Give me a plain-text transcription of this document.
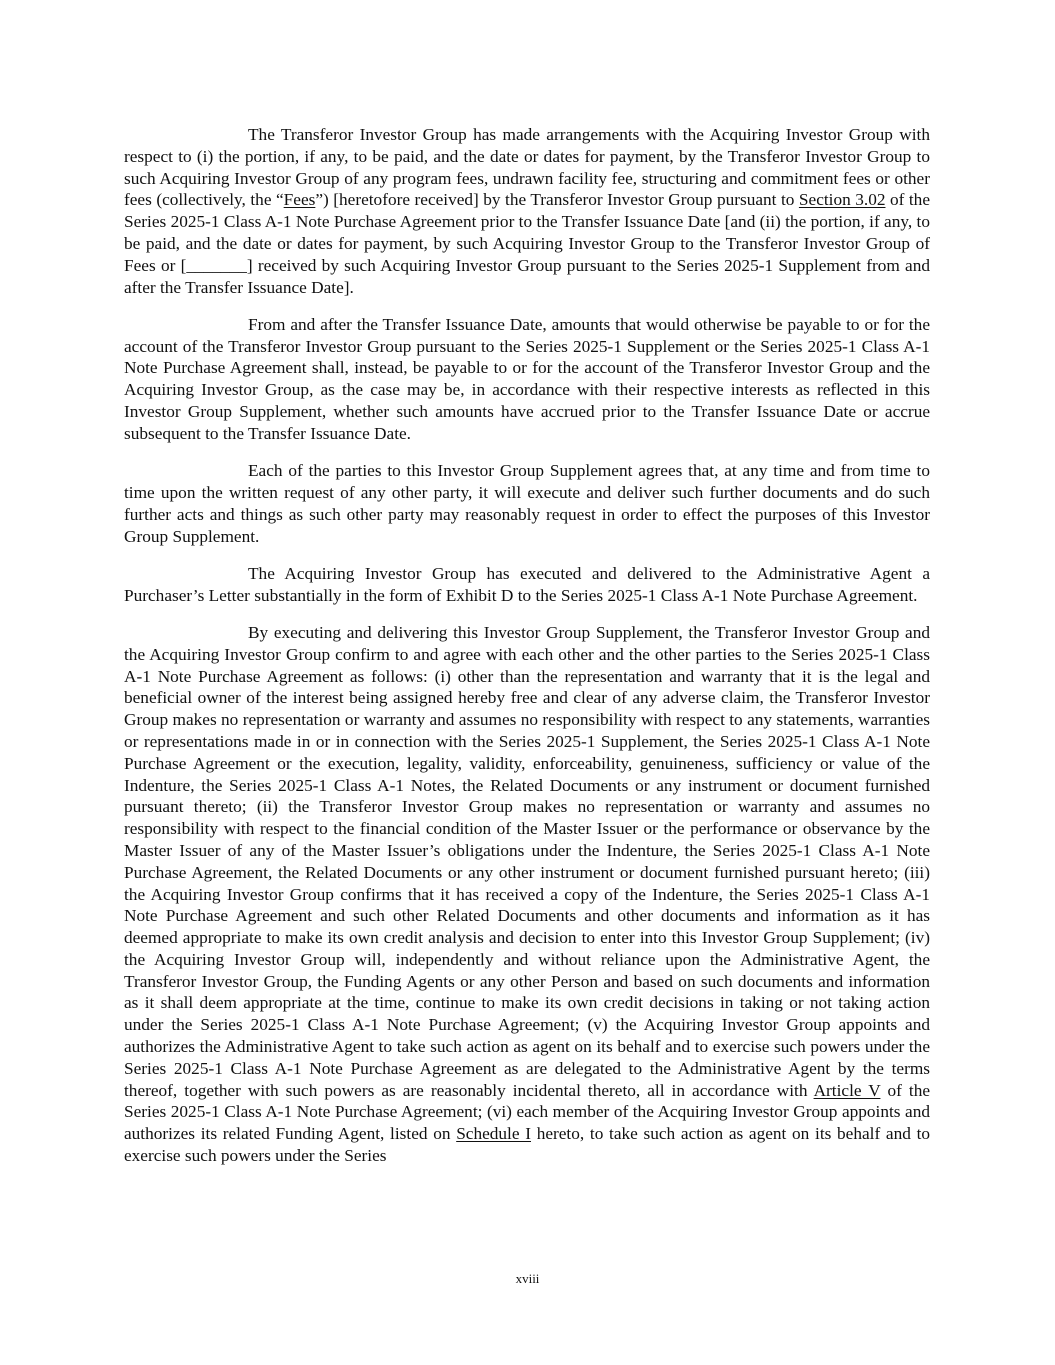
The Transferor Investor Group has made arrangements with the Acquiring Investor Group with respect to (i) the portion, if any, to be paid, and the date or dates for payment, by the Transferor Investor Group to such Acquiring Investor Group of any program fees, undrawn facility fee, structuring and commitment fees or other fees (collectively, the “Fees”) [heretofore received] by the Transferor Investor Group pursuant to Section 3.02 of the Series 2025-1 Class A-1 Note Purchase Agreement prior to the Transfer Issuance Date [and (ii) the portion, if any, to be paid, and the date or dates for payment, by such Acquiring Investor Group to the Transferor Investor Group of Fees or [_______] received by such Acquiring Investor Group pursuant to the Series 2025-1 Supplement from and after the Transfer Issuance Date].

From and after the Transfer Issuance Date, amounts that would otherwise be payable to or for the account of the Transferor Investor Group pursuant to the Series 2025-1 Supplement or the Series 2025-1 Class A-1 Note Purchase Agreement shall, instead, be payable to or for the account of the Transferor Investor Group and the Acquiring Investor Group, as the case may be, in accordance with their respective interests as reflected in this Investor Group Supplement, whether such amounts have accrued prior to the Transfer Issuance Date or accrue subsequent to the Transfer Issuance Date.

Each of the parties to this Investor Group Supplement agrees that, at any time and from time to time upon the written request of any other party, it will execute and deliver such further documents and do such further acts and things as such other party may reasonably request in order to effect the purposes of this Investor Group Supplement.

The Acquiring Investor Group has executed and delivered to the Administrative Agent a Purchaser’s Letter substantially in the form of Exhibit D to the Series 2025-1 Class A-1 Note Purchase Agreement.

By executing and delivering this Investor Group Supplement, the Transferor Investor Group and the Acquiring Investor Group confirm to and agree with each other and the other parties to the Series 2025-1 Class A-1 Note Purchase Agreement as follows: (i) other than the representation and warranty that it is the legal and beneficial owner of the interest being assigned hereby free and clear of any adverse claim, the Transferor Investor Group makes no representation or warranty and assumes no responsibility with respect to any statements, warranties or representations made in or in connection with the Series 2025-1 Supplement, the Series 2025-1 Class A-1 Note Purchase Agreement or the execution, legality, validity, enforceability, genuineness, sufficiency or value of the Indenture, the Series 2025-1 Class A-1 Notes, the Related Documents or any instrument or document furnished pursuant thereto; (ii) the Transferor Investor Group makes no representation or warranty and assumes no responsibility with respect to the financial condition of the Master Issuer or the performance or observance by the Master Issuer of any of the Master Issuer’s obligations under the Indenture, the Series 2025-1 Class A-1 Note Purchase Agreement, the Related Documents or any other instrument or document furnished pursuant hereto; (iii) the Acquiring Investor Group confirms that it has received a copy of the Indenture, the Series 2025-1 Class A-1 Note Purchase Agreement and such other Related Documents and other documents and information as it has deemed appropriate to make its own credit analysis and decision to enter into this Investor Group Supplement; (iv) the Acquiring Investor Group will, independently and without reliance upon the Administrative Agent, the Transferor Investor Group, the Funding Agents or any other Person and based on such documents and information as it shall deem appropriate at the time, continue to make its own credit decisions in taking or not taking action under the Series 2025-1 Class A-1 Note Purchase Agreement; (v) the Acquiring Investor Group appoints and authorizes the Administrative Agent to take such action as agent on its behalf and to exercise such powers under the Series 2025-1 Class A-1 Note Purchase Agreement as are delegated to the Administrative Agent by the terms thereof, together with such powers as are reasonably incidental thereto, all in accordance with Article V of the Series 2025-1 Class A-1 Note Purchase Agreement; (vi) each member of the Acquiring Investor Group appoints and authorizes its related Funding Agent, listed on Schedule I hereto, to take such action as agent on its behalf and to exercise such powers under the Series

xviii
